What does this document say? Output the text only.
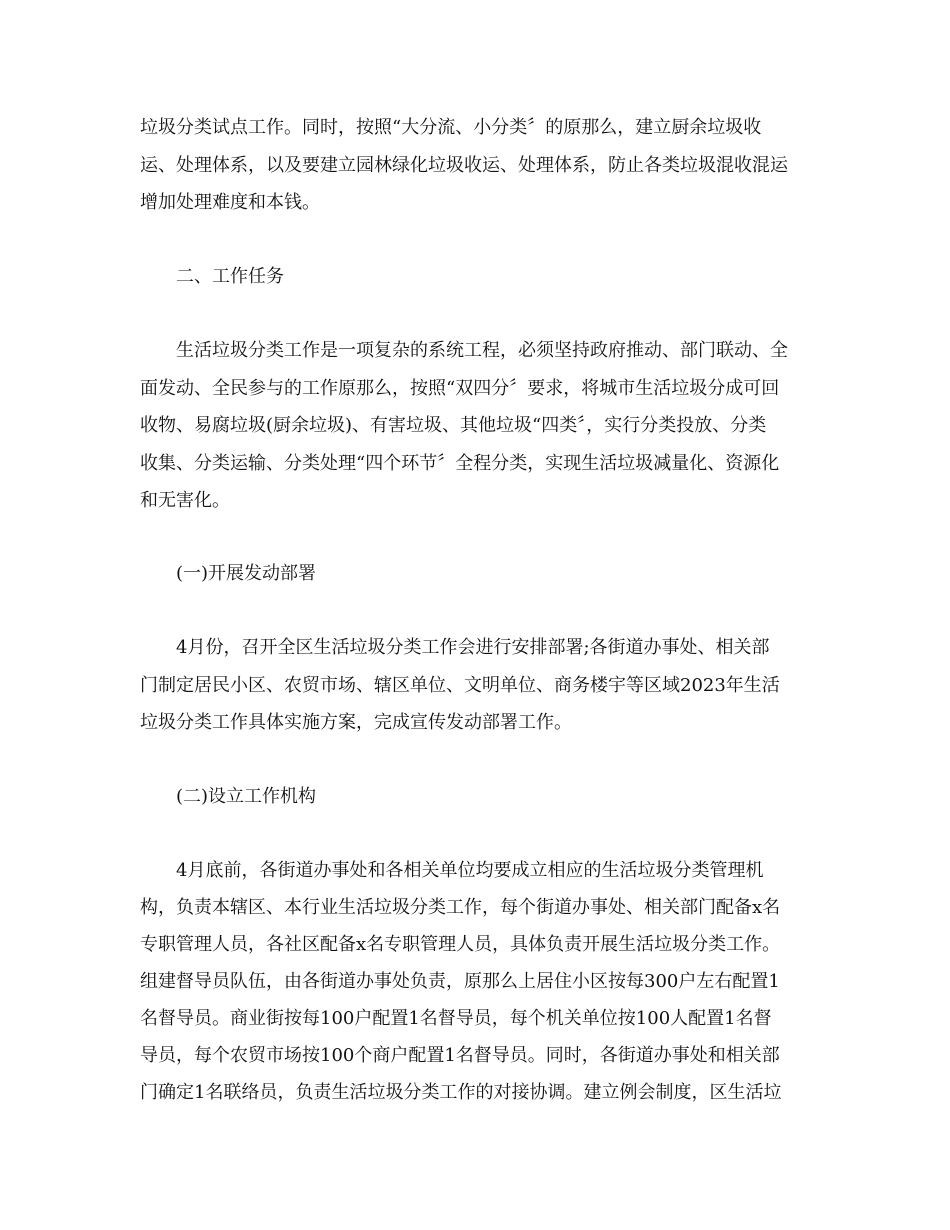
垃圾分类试点工作。同时，按照“大分流、小分类〞的原那么，建立厨余垃圾收
运、处理体系，以及要建立园林绿化垃圾收运、处理体系，防止各类垃圾混收混运
增加处理难度和本钱。
二、工作任务
生活垃圾分类工作是一项复杂的系统工程，必须坚持政府推动、部门联动、全
面发动、全民参与的工作原那么，按照“双四分〞要求，将城市生活垃圾分成可回
收物、易腐垃圾(厨余垃圾)、有害垃圾、其他垃圾“四类〞，实行分类投放、分类
收集、分类运输、分类处理“四个环节〞全程分类，实现生活垃圾减量化、资源化
和无害化。
(一)开展发动部署
4月份，召开全区生活垃圾分类工作会进行安排部署;各街道办事处、相关部
门制定居民小区、农贸市场、辖区单位、文明单位、商务楼宇等区域2023年生活
垃圾分类工作具体实施方案，完成宣传发动部署工作。
(二)设立工作机构
4月底前，各街道办事处和各相关单位均要成立相应的生活垃圾分类管理机
构，负责本辖区、本行业生活垃圾分类工作，每个街道办事处、相关部门配备x名
专职管理人员，各社区配备x名专职管理人员，具体负责开展生活垃圾分类工作。
组建督导员队伍，由各街道办事处负责，原那么上居住小区按每300户左右配置1
名督导员。商业街按每100户配置1名督导员，每个机关单位按100人配置1名督
导员，每个农贸市场按100个商户配置1名督导员。同时，各街道办事处和相关部
门确定1名联络员，负责生活垃圾分类工作的对接协调。建立例会制度，区生活垃
